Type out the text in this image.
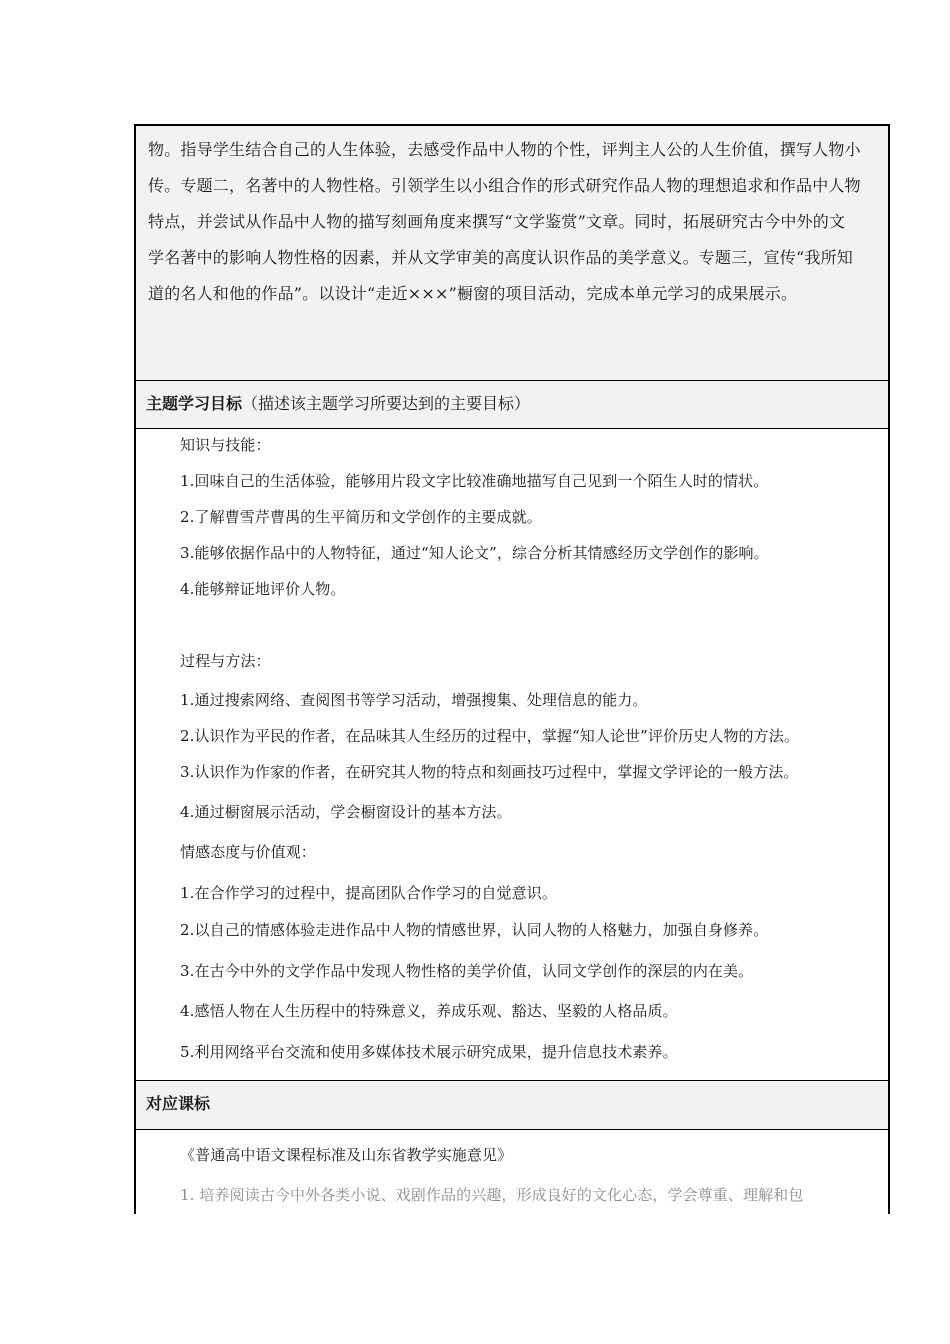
物。指导学生结合自己的人生体验，去感受作品中人物的个性，评判主人公的人生价值，撰写人物小

传。专题二，名著中的人物性格。引领学生以小组合作的形式研究作品人物的理想追求和作品中人物

特点，并尝试从作品中人物的描写刻画角度来撰写“文学鉴赏”文章。同时，拓展研究古今中外的文

学名著中的影响人物性格的因素，并从文学审美的高度认识作品的美学意义。专题三，宣传“我所知

道的名人和他的作品”。以设计“走近×××”橱窗的项目活动，完成本单元学习的成果展示。

主题学习目标（描述该主题学习所要达到的主要目标）
知识与技能：
1.回味自己的生活体验，能够用片段文字比较准确地描写自己见到一个陌生人时的情状。
2.了解曹雪芹曹禺的生平简历和文学创作的主要成就。
3.能够依据作品中的人物特征，通过“知人论文”，综合分析其情感经历文学创作的影响。
4.能够辩证地评价人物。
过程与方法：
1.通过搜索网络、查阅图书等学习活动，增强搜集、处理信息的能力。
2.认识作为平民的作者，在品味其人生经历的过程中，掌握“知人论世”评价历史人物的方法。
3.认识作为作家的作者，在研究其人物的特点和刻画技巧过程中，掌握文学评论的一般方法。
4.通过橱窗展示活动，学会橱窗设计的基本方法。
情感态度与价值观：
1.在合作学习的过程中，提高团队合作学习的自觉意识。
2.以自己的情感体验走进作品中人物的情感世界，认同人物的人格魅力，加强自身修养。
3.在古今中外的文学作品中发现人物性格的美学价值，认同文学创作的深层的内在美。
4.感悟人物在人生历程中的特殊意义，养成乐观、豁达、坚毅的人格品质。
5.利用网络平台交流和使用多媒体技术展示研究成果，提升信息技术素养。
对应课标
《普通高中语文课程标准及山东省教学实施意见》
1. 培养阅读古今中外各类小说、戏剧作品的兴趣，形成良好的文化心态，学会尊重、理解和包
